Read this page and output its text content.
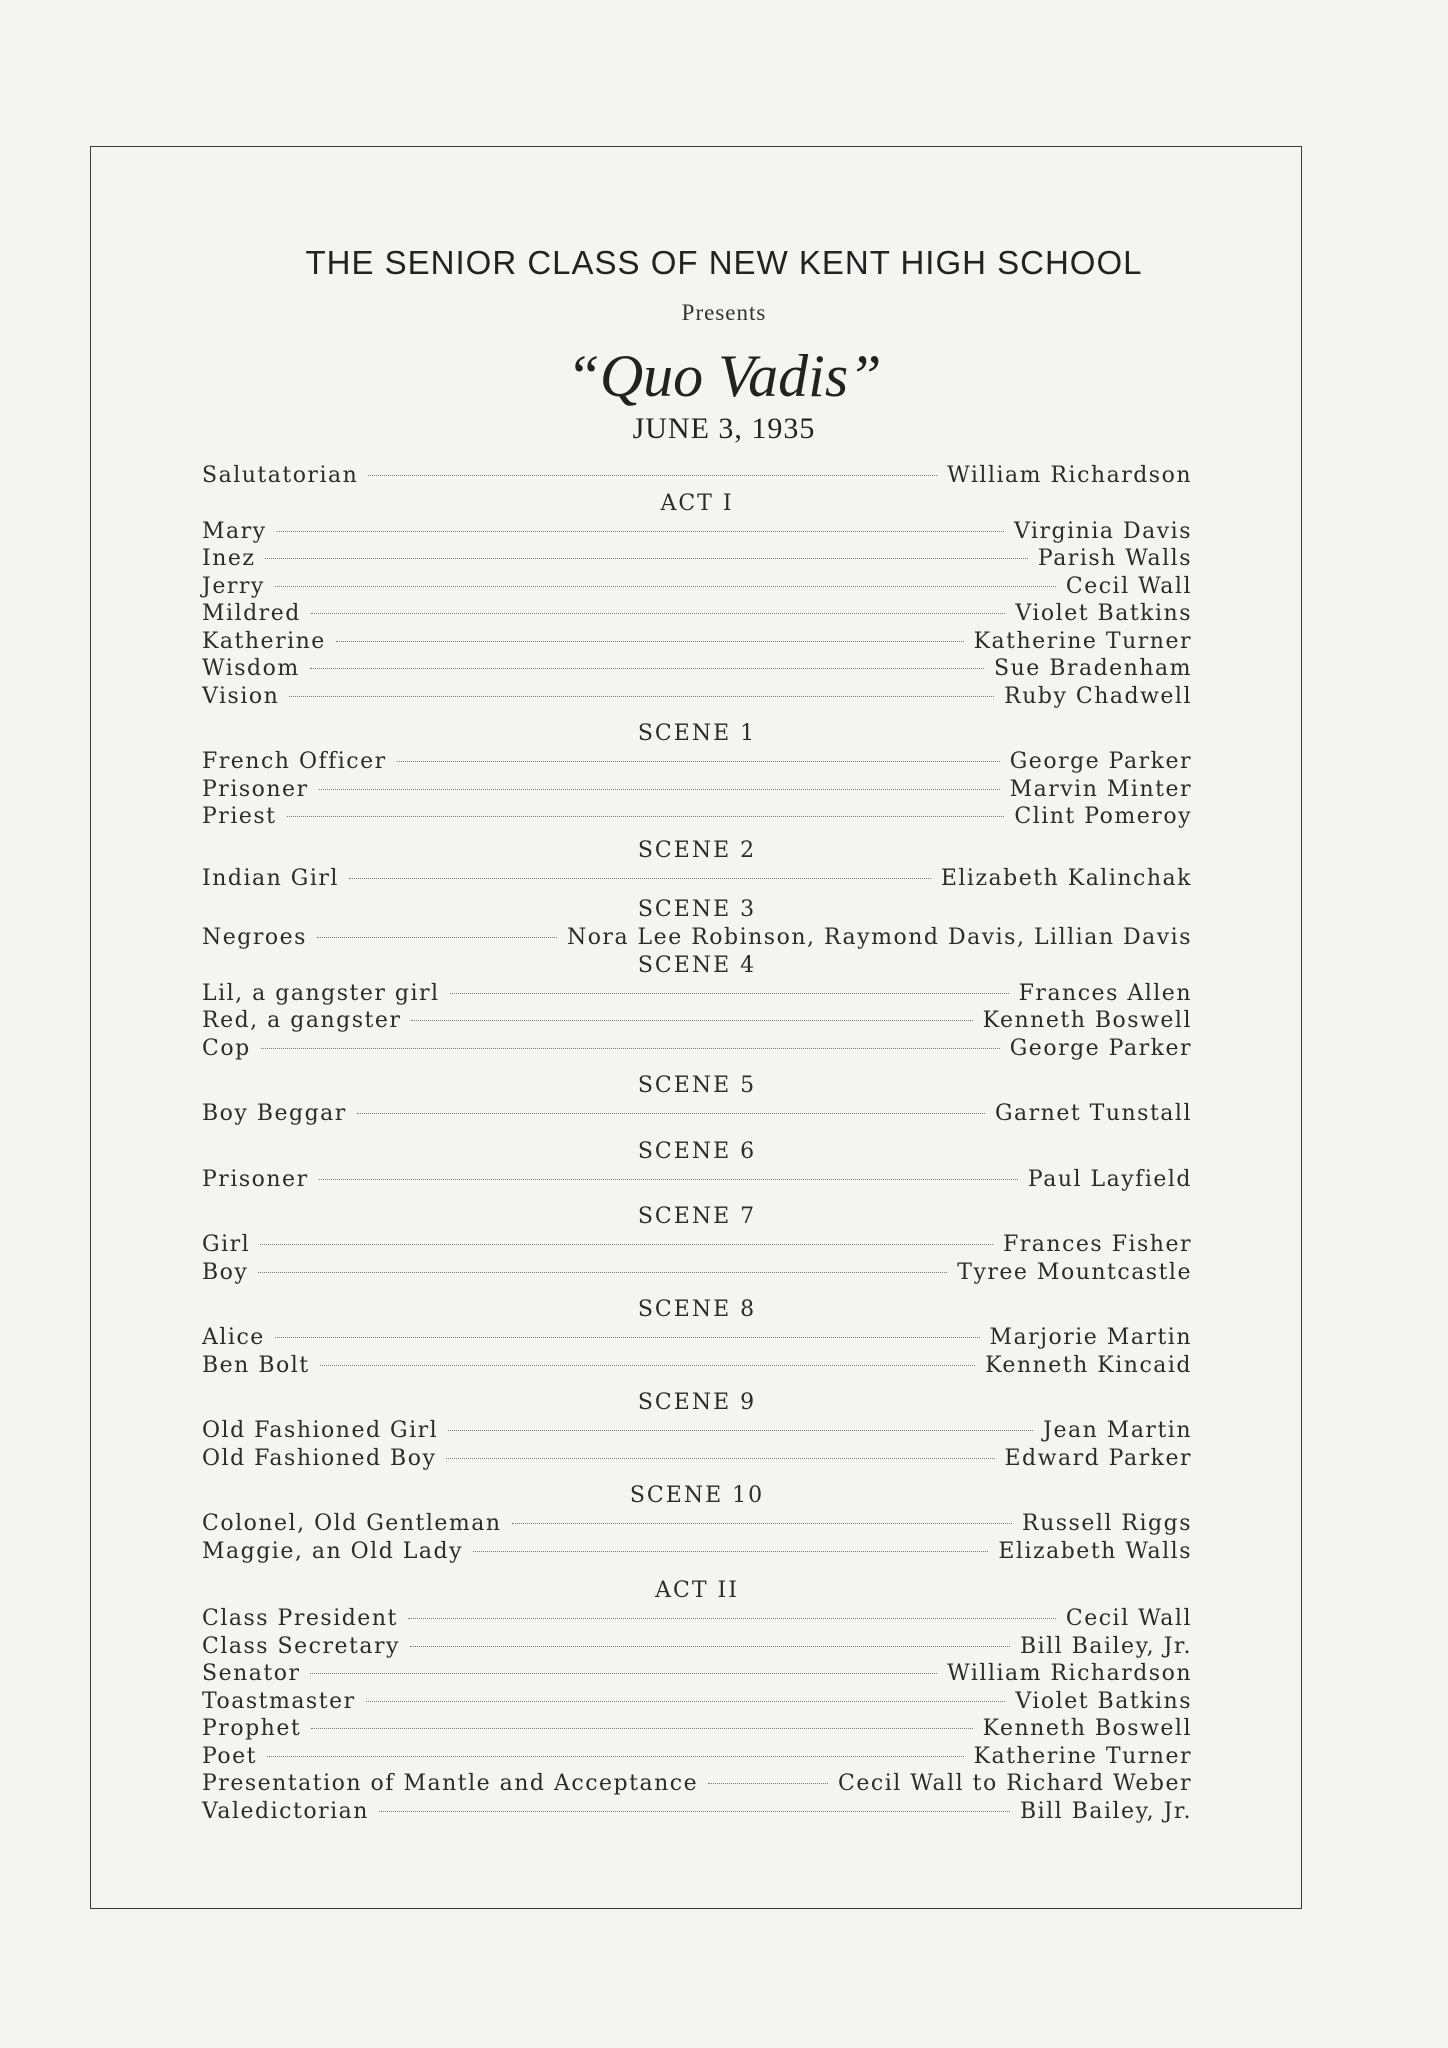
THE SENIOR CLASS OF NEW KENT HIGH SCHOOL
Presents
“Quo Vadis”
JUNE 3, 1935
Salutatorian	William Richardson
ACT I
Mary	Virginia Davis
Inez	Parish Walls
Jerry	Cecil Wall
Mildred	Violet Batkins
Katherine	Katherine Turner
Wisdom	Sue Bradenham
Vision	Ruby Chadwell
SCENE 1
French Officer	George Parker
Prisoner	Marvin Minter
Priest	Clint Pomeroy
SCENE 2
Indian Girl	Elizabeth Kalinchak
SCENE 3
Negroes	Nora Lee Robinson, Raymond Davis, Lillian Davis
SCENE 4
Lil, a gangster girl	Frances Allen
Red, a gangster	Kenneth Boswell
Cop	George Parker
SCENE 5
Boy Beggar	Garnet Tunstall
SCENE 6
Prisoner	Paul Layfield
SCENE 7
Girl	Frances Fisher
Boy	Tyree Mountcastle
SCENE 8
Alice	Marjorie Martin
Ben Bolt	Kenneth Kincaid
SCENE 9
Old Fashioned Girl	Jean Martin
Old Fashioned Boy	Edward Parker
SCENE 10
Colonel, Old Gentleman	Russell Riggs
Maggie, an Old Lady	Elizabeth Walls
ACT II
Class President	Cecil Wall
Class Secretary	Bill Bailey, Jr.
Senator	William Richardson
Toastmaster	Violet Batkins
Prophet	Kenneth Boswell
Poet	Katherine Turner
Presentation of Mantle and Acceptance	Cecil Wall to Richard Weber
Valedictorian	Bill Bailey, Jr.
